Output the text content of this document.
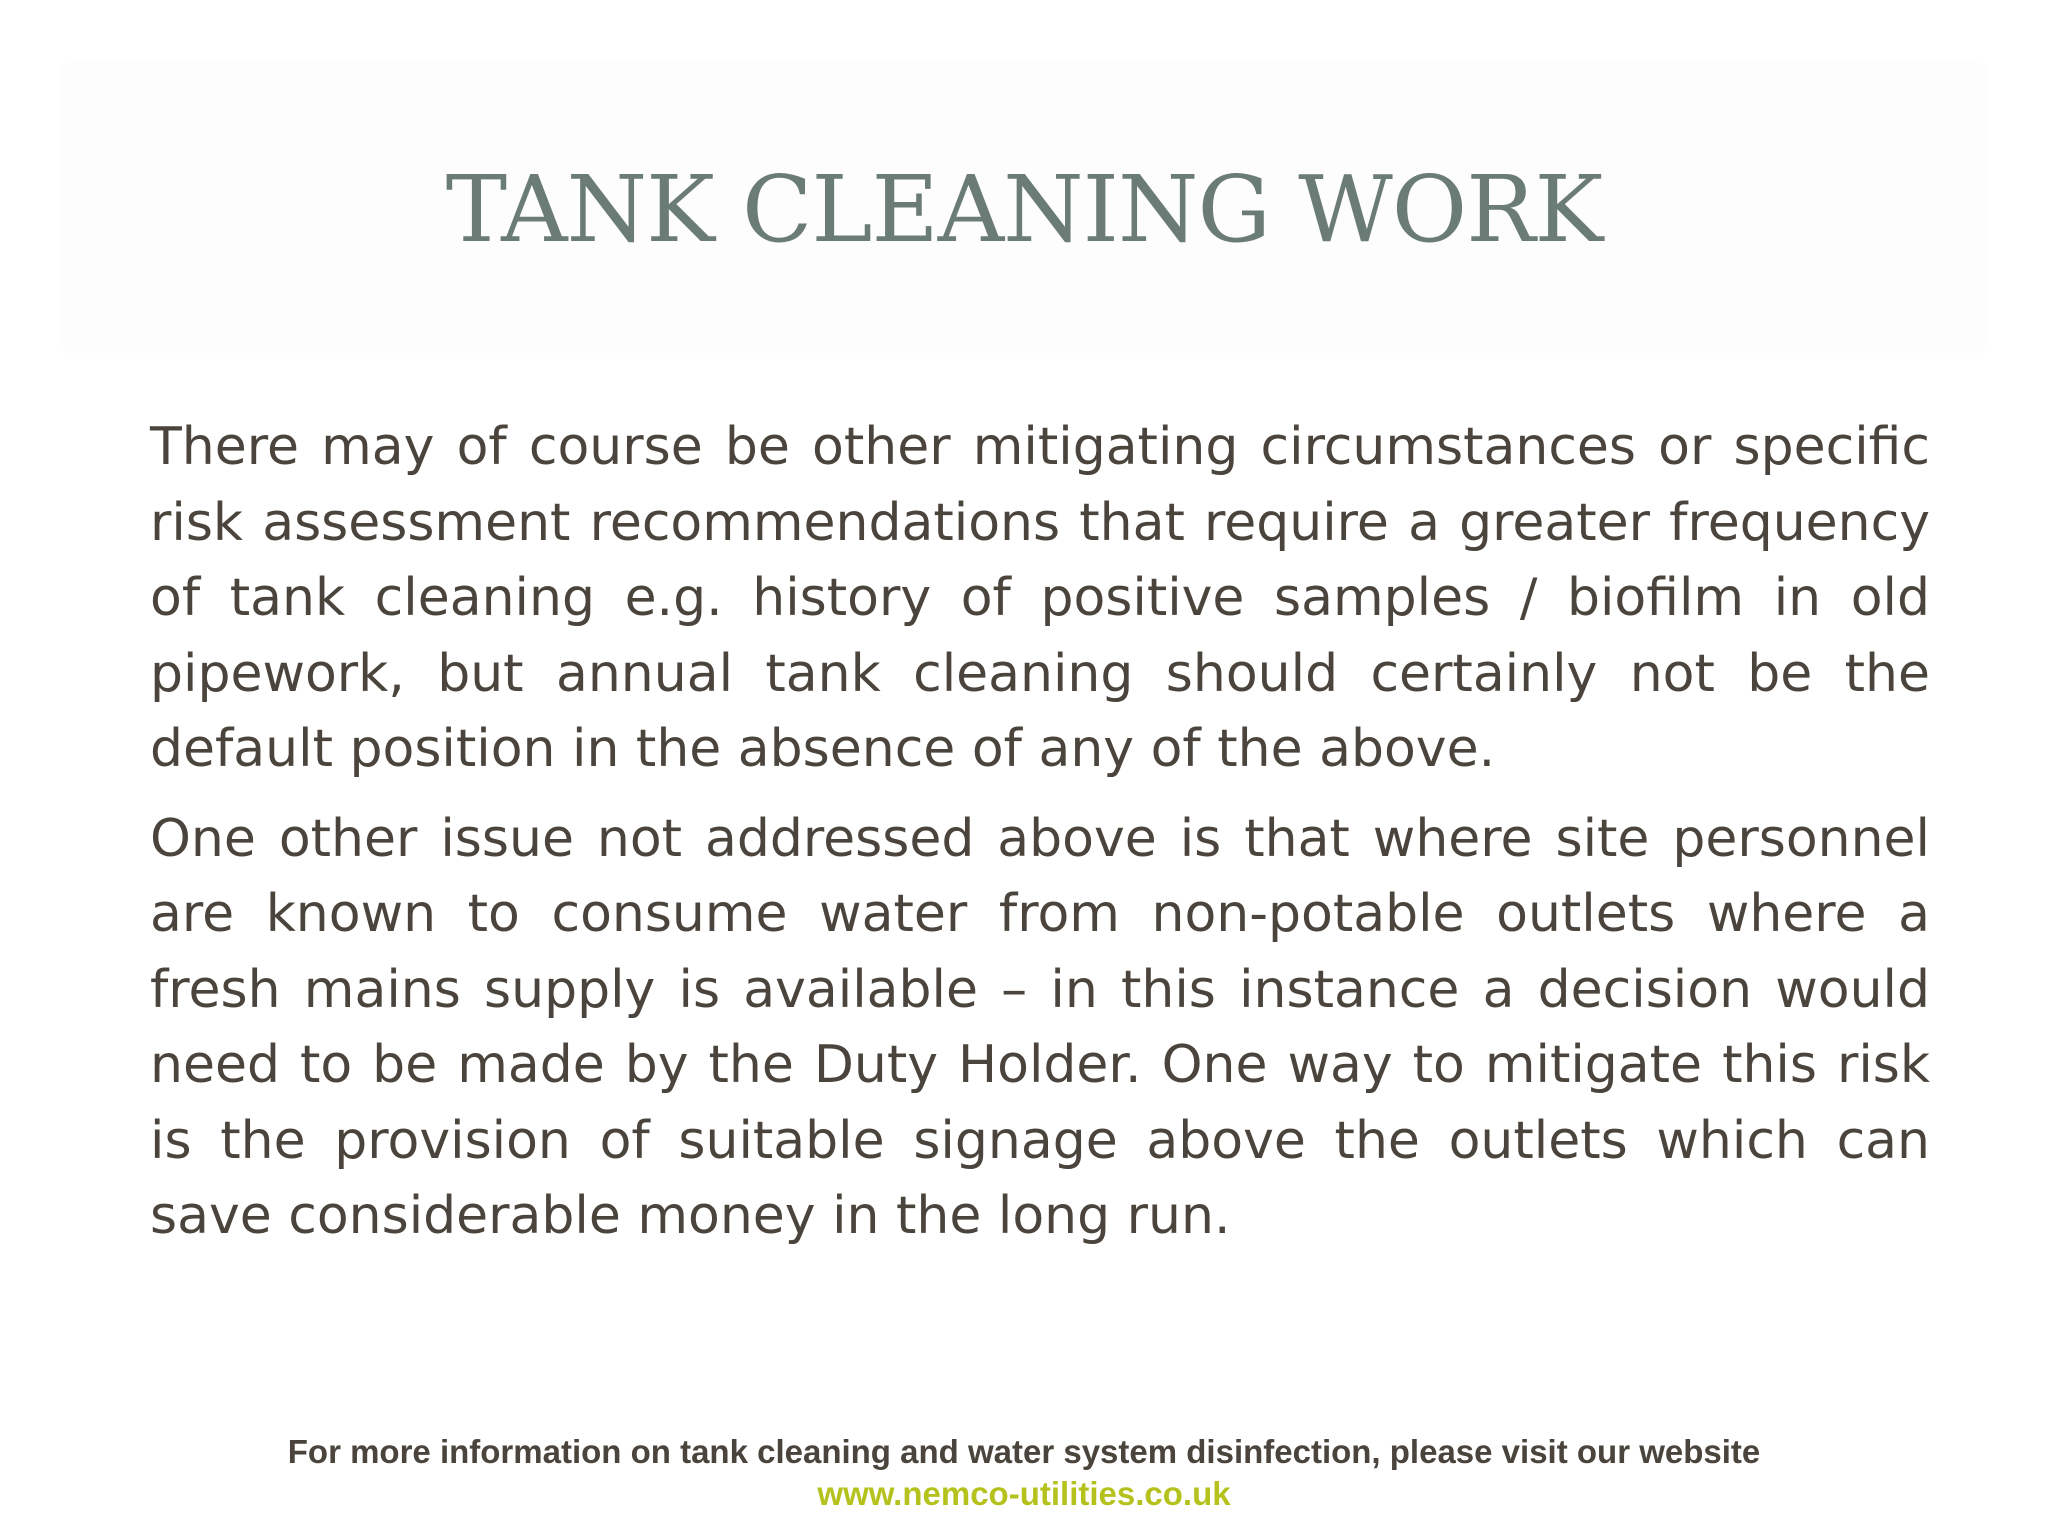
TANK CLEANING WORK

There may of course be other mitigating circumstances or specific risk assessment recommendations that require a greater frequency of tank cleaning e.g. history of positive samples / biofilm in old pipework, but annual tank cleaning should certainly not be the default position in the absence of any of the above.

One other issue not addressed above is that where site personnel are known to consume water from non-potable outlets where a fresh mains supply is available – in this instance a decision would need to be made by the Duty Holder. One way to mitigate this risk is the provision of suitable signage above the outlets which can save considerable money in the long run.

For more information on tank cleaning and water system disinfection, please visit our website
www.nemco-utilities.co.uk
